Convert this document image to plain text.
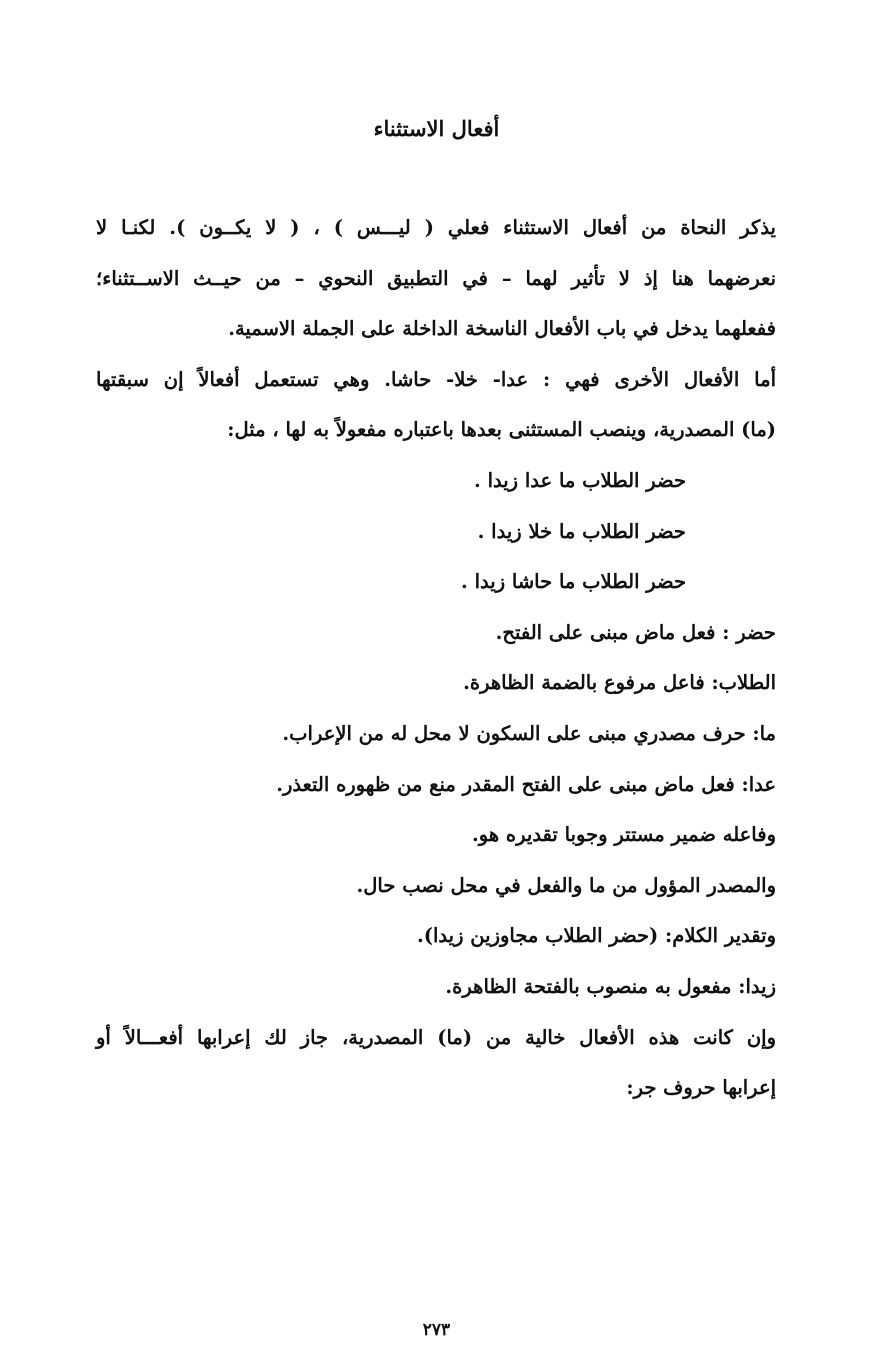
أفعال الاستثناء
يذكر النحاة من أفعال الاستثناء فعلي ( ليـــس ) ، ( لا يكــون ). لكنـا لا
نعرضهما هنا إذ لا تأثير لهما – في التطبيق النحوي – من حيــث الاســتثناء؛
ففعلهما يدخل في باب الأفعال الناسخة الداخلة على الجملة الاسمية.
أما الأفعال الأخرى فهي : عدا- خلا- حاشا. وهي تستعمل أفعالاً إن سبقتها
(ما) المصدرية، وينصب المستثنى بعدها باعتباره مفعولاً به لها ، مثل:
حضر الطلاب ما عدا زيدا .
حضر الطلاب ما خلا زيدا .
حضر الطلاب ما حاشا زيدا .
حضر : فعل ماض مبنى على الفتح.
الطلاب: فاعل مرفوع بالضمة الظاهرة.
ما: حرف مصدري مبنى على السكون لا محل له من الإعراب.
عدا: فعل ماض مبنى على الفتح المقدر منع من ظهوره التعذر.
وفاعله ضمير مستتر وجوبا تقديره هو.
والمصدر المؤول من ما والفعل في محل نصب حال.
وتقدير الكلام: (حضر الطلاب مجاوزين زيدا).
زيدا: مفعول به منصوب بالفتحة الظاهرة.
وإن كانت هذه الأفعال خالية من (ما) المصدرية، جاز لك إعرابها أفعـــالاً أو
إعرابها حروف جر:
٢٧٣
